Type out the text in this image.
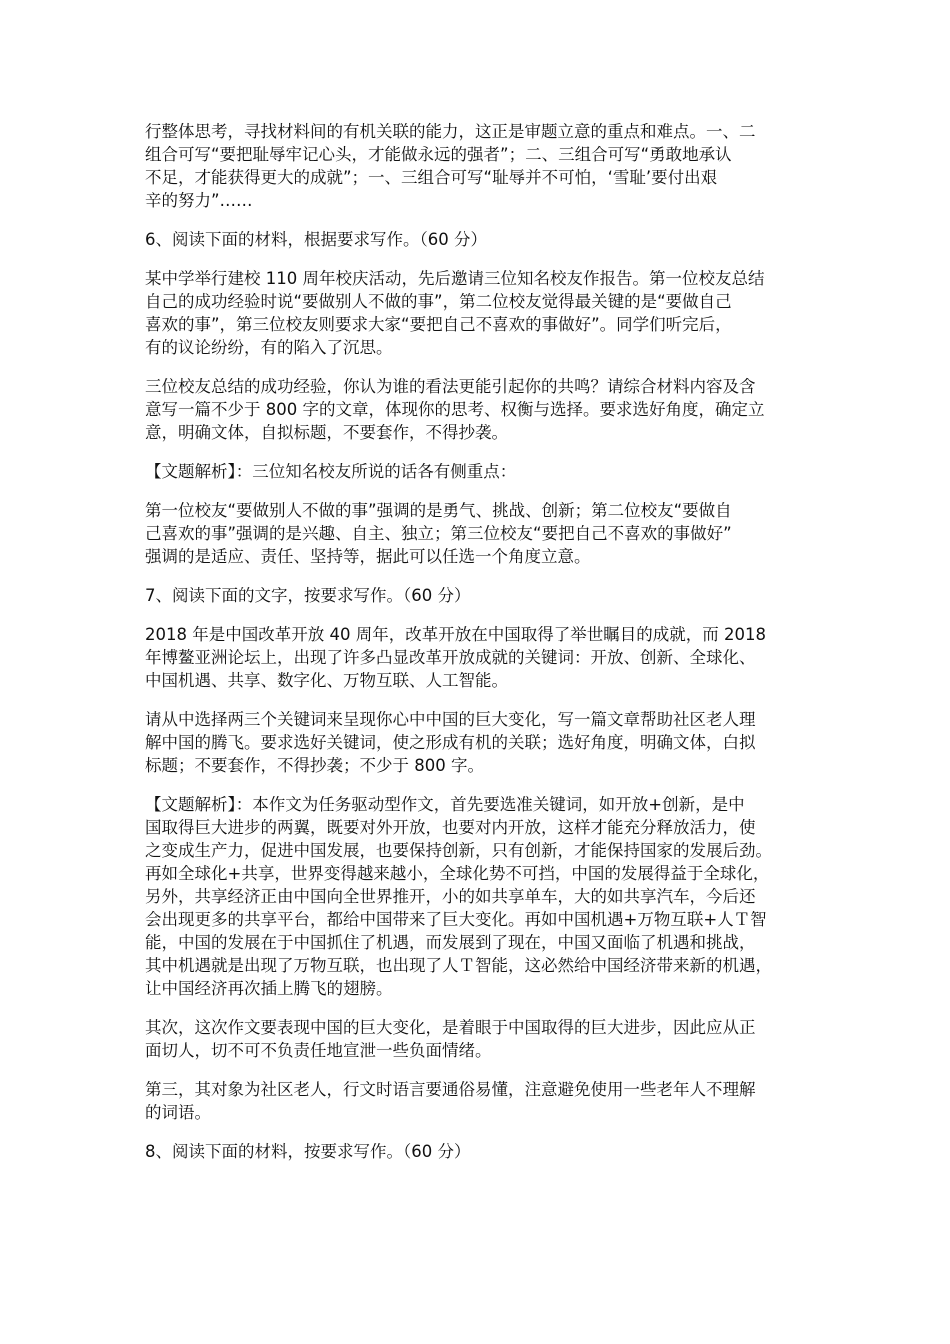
行整体思考，寻找材料间的有机关联的能力，这正是审题立意的重点和难点。一、二
组合可写“要把耻辱牢记心头，才能做永远的强者”；二、三组合可写“勇敢地承认
不足，才能获得更大的成就”；一、三组合可写“耻辱并不可怕，‘雪耻’要付出艰
辛的努力”……

6、阅读下面的材料，根据要求写作。（60 分）

某中学举行建校 110 周年校庆活动，先后邀请三位知名校友作报告。第一位校友总结
自己的成功经验时说“要做别人不做的事”，第二位校友觉得最关键的是“要做自己
喜欢的事”，第三位校友则要求大家“要把自己不喜欢的事做好”。同学们听完后，
有的议论纷纷，有的陷入了沉思。

三位校友总结的成功经验，你认为谁的看法更能引起你的共鸣？请综合材料内容及含
意写一篇不少于 800 字的文章，体现你的思考、权衡与选择。要求选好角度，确定立
意，明确文体，自拟标题，不要套作，不得抄袭。

【文题解析】：三位知名校友所说的话各有侧重点：

第一位校友“要做别人不做的事”强调的是勇气、挑战、创新；第二位校友“要做自
己喜欢的事”强调的是兴趣、自主、独立；第三位校友“要把自己不喜欢的事做好”
强调的是适应、责任、坚持等，据此可以任选一个角度立意。

7、阅读下面的文字，按要求写作。（60 分）

2018 年是中国改革开放 40 周年，改革开放在中国取得了举世瞩目的成就，而 2018
年博鳌亚洲论坛上，出现了许多凸显改革开放成就的关键词：开放、创新、全球化、
中国机遇、共享、数字化、万物互联、人工智能。

请从中选择两三个关键词来呈现你心中中国的巨大变化，写一篇文章帮助社区老人理
解中国的腾飞。要求选好关键词，使之形成有机的关联；选好角度，明确文体，白拟
标题；不要套作，不得抄袭；不少于 800 字。

【文题解析】：本作文为任务驱动型作文，首先要选准关键词，如开放+创新，是中
国取得巨大进步的两翼，既要对外开放，也要对内开放，这样才能充分释放活力，使
之变成生产力，促进中国发展，也要保持创新，只有创新，才能保持国家的发展后劲。
再如全球化+共享，世界变得越来越小，全球化势不可挡，中国的发展得益于全球化，
另外，共享经济正由中国向全世界推开，小的如共享单车，大的如共享汽车，今后还
会出现更多的共享平台，都给中国带来了巨大变化。再如中国机遇+万物互联+人Ｔ智
能，中国的发展在于中国抓住了机遇，而发展到了现在，中国又面临了机遇和挑战，
其中机遇就是出现了万物互联，也出现了人Ｔ智能，这必然给中国经济带来新的机遇，
让中国经济再次插上腾飞的翅膀。

其次，这次作文要表现中国的巨大变化，是着眼于中国取得的巨大进步，因此应从正
面切人，切不可不负责任地宣泄一些负面情绪。

第三，其对象为社区老人，行文时语言要通俗易懂，注意避免使用一些老年人不理解
的词语。

8、阅读下面的材料，按要求写作。（60 分）
